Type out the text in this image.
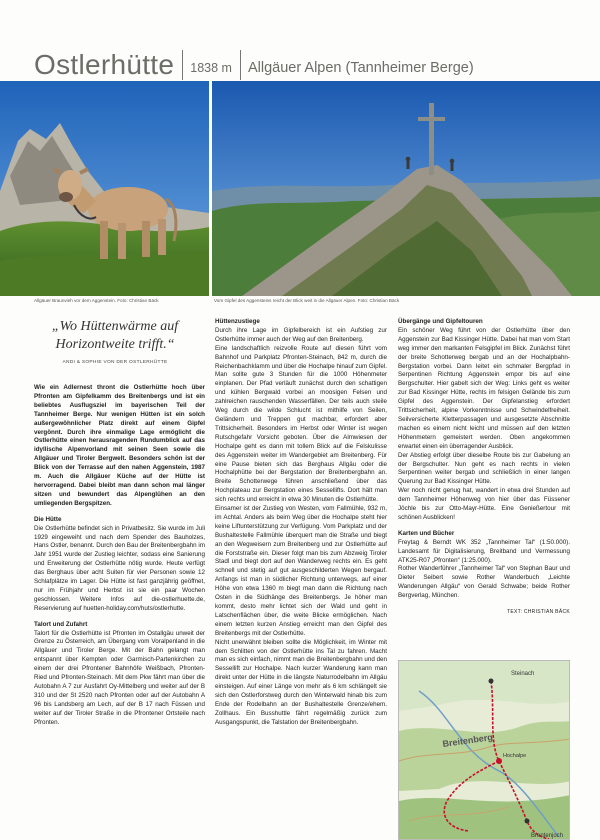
Ostlerhütte 1838 m Allgäuer Alpen (Tannheimer Berge)
Allgäuer Braunvieh vor dem Aggenstein. Foto: Christian Bäck	Vom Gipfel des Aggensteins reicht der Blick weit in die Allgäuer Alpen. Foto: Christian Bäck
„Wo Hüttenwärme auf Horizontweite trifft.“
ANDI & SOPHIE VON DER OSTLERHÜTTE

Wie ein Adlernest thront die Ostlerhütte hoch über Pfronten am Gipfelkamm des Breitenbergs und ist ein beliebtes Ausflugsziel im bayerischen Teil der Tannheimer Berge. Nur wenigen Hütten ist ein solch außergewöhnlicher Platz direkt auf einem Gipfel vergönnt. Durch ihre einmalige Lage ermöglicht die Ostlerhütte einen herausragenden Rundumblick auf das idyllische Alpenvorland mit seinen Seen sowie die Allgäuer und Tiroler Bergwelt. Besonders schön ist der Blick von der Terrasse auf den nahen Aggenstein, 1987 m. Auch die Allgäuer Küche auf der Hütte ist hervorragend. Dabei bleibt man dann schon mal länger sitzen und bewundert das Alpenglühen an den umliegenden Bergspitzen.

Die Hütte

Die Ostlerhütte befindet sich in Privatbesitz. Sie wurde im Juli 1929 eingeweiht und nach dem Spender des Bauholzes, Hans Ostler, benannt. Durch den Bau der Breitenbergbahn im Jahr 1951 wurde der Zustieg leichter, sodass eine Sanierung und Erweiterung der Ostlerhütte nötig wurde. Heute verfügt das Berghaus über acht Suiten für vier Personen sowie 12 Schlafplätze im Lager. Die Hütte ist fast ganzjährig geöffnet, nur im Frühjahr und Herbst ist sie ein paar Wochen geschlossen. Weitere Infos auf die-ostlerhuette.de, Reservierung auf huetten-holiday.com/huts/ostlerhutte.

Talort und Zufahrt

Talort für die Ostlerhütte ist Pfronten im Ostallgäu unweit der Grenze zu Österreich, am Übergang vom Voralpenland in die Allgäuer und Tiroler Berge. Mit der Bahn gelangt man entspannt über Kempten oder Garmisch-Partenkirchen zu einem der drei Pfrontener Bahnhöfe Weißbach, Pfronten-Ried und Pfronten-Steinach. Mit dem Pkw fährt man über die Autobahn A 7 zur Ausfahrt Oy-Mittelberg und weiter auf der B 310 und der St 2520 nach Pfronten oder auf der Autobahn A 96 bis Landsberg am Lech, auf der B 17 nach Füssen und weiter auf der Tiroler Straße in die Pfrontener Ortsteile nach Pfronten.

Hüttenzustiege

Durch ihre Lage im Gipfelbereich ist ein Aufstieg zur Ostlerhütte immer auch der Weg auf den Breitenberg.

Eine landschaftlich reizvolle Route auf diesen führt vom Bahnhof und Parkplatz Pfronten-Steinach, 842 m, durch die Reichenbachklamm und über die Hochalpe hinauf zum Gipfel. Man sollte gute 3 Stunden für die 1000 Höhenmeter einplanen. Der Pfad verläuft zunächst durch den schattigen und kühlen Bergwald vorbei an moosigen Felsen und zahlreichen rauschenden Wasserfällen. Der teils auch steile Weg durch die wilde Schlucht ist mithilfe von Seilen, Geländern und Treppen gut machbar, erfordert aber Trittsicherheit. Besonders im Herbst oder Winter ist wegen Rutschgefahr Vorsicht geboten. Über die Almwiesen der Hochalpe geht es dann mit tollem Blick auf die Felskulisse des Aggenstein weiter im Wandergebiet am Breitenberg. Für eine Pause bieten sich das Berghaus Allgäu oder die Hochalphütte bei der Bergstation der Breitenbergbahn an. Breite Schotterwege führen anschließend über das Hochplateau zur Bergstation eines Sessellifts. Dort hält man sich rechts und erreicht in etwa 30 Minuten die Ostlerhütte.

Einsamer ist der Zustieg von Westen, vom Fallmühle, 932 m, im Achtal. Anders als beim Weg über die Hochalpe steht hier keine Liftunterstützung zur Verfügung. Vom Parkplatz und der Bushaltestelle Fallmühle überquert man die Straße und biegt an den Wegweisern zum Breitenberg und zur Ostlerhütte auf die Forststraße ein. Dieser folgt man bis zum Abzweig Tiroler Stadl und biegt dort auf den Wanderweg rechts ein. Es geht schnell und stetig auf gut ausgeschilderten Wegen bergauf. Anfangs ist man in südlicher Richtung unterwegs, auf einer Höhe von etwa 1360 m biegt man dann die Richtung nach Osten in die Südhänge des Breitenbergs. Je höher man kommt, desto mehr lichtet sich der Wald und geht in Latschenflächen über, die weite Blicke ermöglichen. Nach einem letzten kurzen Anstieg erreicht man den Gipfel des Breitenbergs mit der Ostlerhütte.

Nicht unerwähnt bleiben sollte die Möglichkeit, im Winter mit dem Schlitten von der Ostlerhütte ins Tal zu fahren. Macht man es sich einfach, nimmt man die Breitenbergbahn und den Sessellift zur Hochalpe. Nach kurzer Wanderung kann man direkt unter der Hütte in die längste Naturrodelbahn im Allgäu einsteigen. Auf einer Länge von mehr als 6 km schlängelt sie sich den Ostlerforstweg durch den Winterwald hinab bis zum Ende der Rodelbahn an der Bushaltestelle Grenze/ehem. Zollhaus. Ein Busshuttle fährt regelmäßig zurück zum Ausgangspunkt, die Talstation der Breitenbergbahn.

Übergänge und Gipfeltouren

Ein schöner Weg führt von der Ostlerhütte über den Aggenstein zur Bad Kissinger Hütte. Dabei hat man vom Start weg immer den markanten Felsgipfel im Blick. Zunächst führt der breite Schotterweg bergab und an der Hochalpbahn-Bergstation vorbei. Dann leitet ein schmaler Bergpfad in Serpentinen Richtung Aggenstein empor bis auf eine Bergschulter. Hier gabelt sich der Weg: Links geht es weiter zur Bad Kissinger Hütte, rechts im felsigen Gelände bis zum Gipfel des Aggenstein. Der Gipfelanstieg erfordert Trittsicherheit, alpine Vorkenntnisse und Schwindelfreiheit. Seilversicherte Kletterpassagen und ausgesetzte Abschnitte machen es einem nicht leicht und müssen auf den letzten Höhenmetern gemeistert werden. Oben angekommen erwartet einen ein überragender Ausblick.

Der Abstieg erfolgt über dieselbe Route bis zur Gabelung an der Bergschulter. Nun geht es nach rechts in vielen Serpentinen weiter bergab und schließlich in einer langen Querung zur Bad Kissinger Hütte.

Wer noch nicht genug hat, wandert in etwa drei Stunden auf dem Tannheimer Höhenweg von hier über das Füssener Jöchle bis zur Otto-Mayr-Hütte. Eine Genießertour mit schönen Ausblicken!

Karten und Bücher

Freytag & Berndt WK 352 „Tannheimer Tal“ (1:50.000). Landesamt für Digitalisierung, Breitband und Vermessung ATK25-R07 „Pfronten“ (1:25.000).

Rother Wanderführer „Tannheimer Tal“ von Stephan Baur und Dieter Seibert sowie Rother Wanderbuch „Leichte Wanderungen Allgäu“ von Gerald Schwabe; beide Rother Bergverlag, München.

TEXT: CHRISTIAN BÄCK

Steinach
Breitenberg
Brentenjoch
Hochalpe
